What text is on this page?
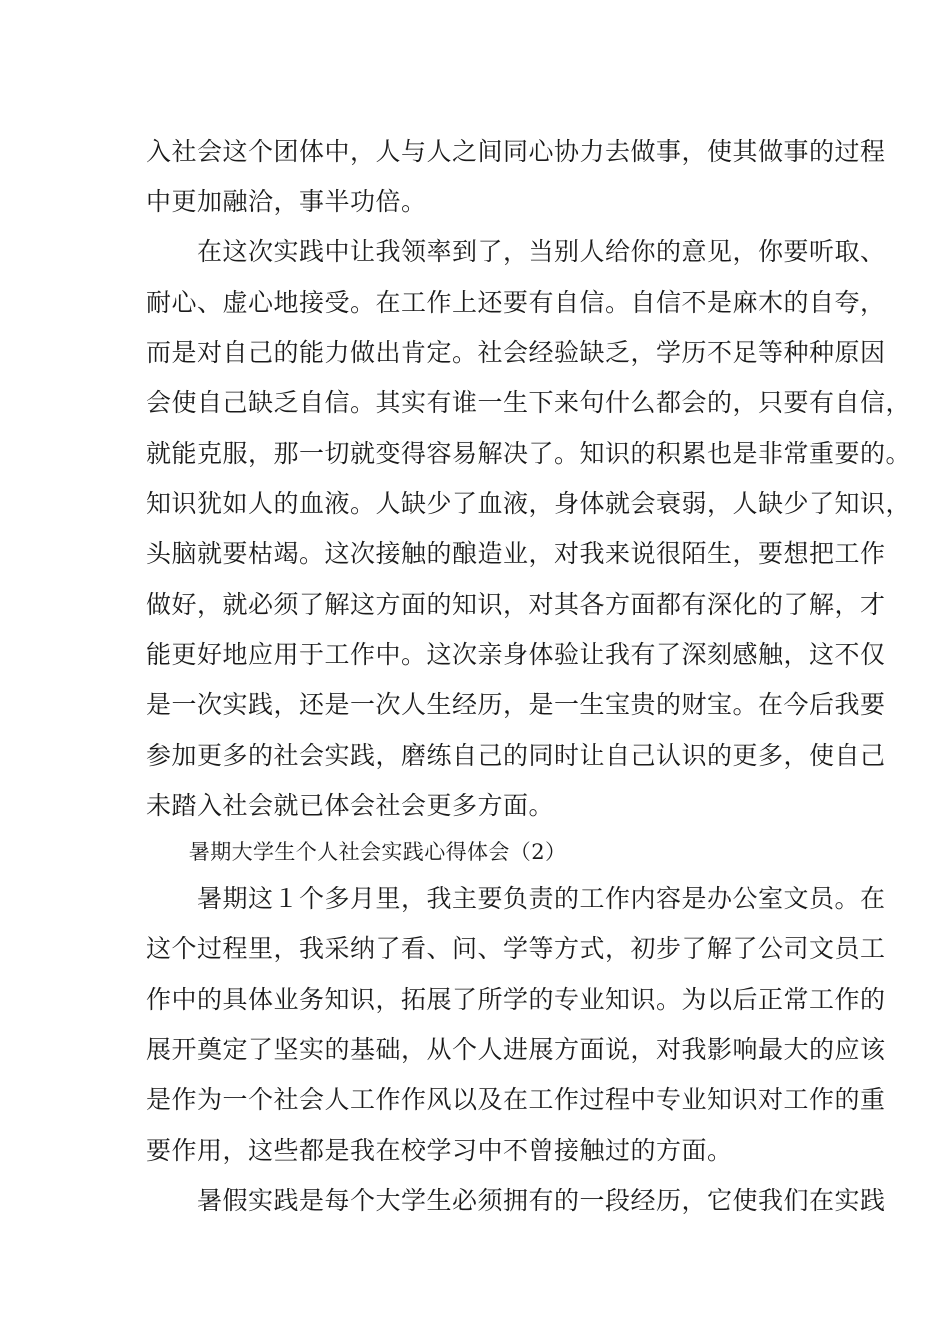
入社会这个团体中，人与人之间同心协力去做事，使其做事的过程
中更加融洽，事半功倍。
　　在这次实践中让我领率到了，当别人给你的意见，你要听取、
耐心、虚心地接受。在工作上还要有自信。自信不是麻木的自夸，
而是对自己的能力做出肯定。社会经验缺乏，学历不足等种种原因
会使自己缺乏自信。其实有谁一生下来句什么都会的，只要有自信，
就能克服，那一切就变得容易解决了。知识的积累也是非常重要的。
知识犹如人的血液。人缺少了血液，身体就会衰弱，人缺少了知识，
头脑就要枯竭。这次接触的酿造业，对我来说很陌生，要想把工作
做好，就必须了解这方面的知识，对其各方面都有深化的了解，才
能更好地应用于工作中。这次亲身体验让我有了深刻感触，这不仅
是一次实践，还是一次人生经历，是一生宝贵的财宝。在今后我要
参加更多的社会实践，磨练自己的同时让自己认识的更多，使自己
未踏入社会就已体会社会更多方面。
　　暑期大学生个人社会实践心得体会（2）
　　暑期这１个多月里，我主要负责的工作内容是办公室文员。在
这个过程里，我采纳了看、问、学等方式，初步了解了公司文员工
作中的具体业务知识，拓展了所学的专业知识。为以后正常工作的
展开奠定了坚实的基础，从个人进展方面说，对我影响最大的应该
是作为一个社会人工作作风以及在工作过程中专业知识对工作的重
要作用，这些都是我在校学习中不曾接触过的方面。
　　暑假实践是每个大学生必须拥有的一段经历，它使我们在实践
